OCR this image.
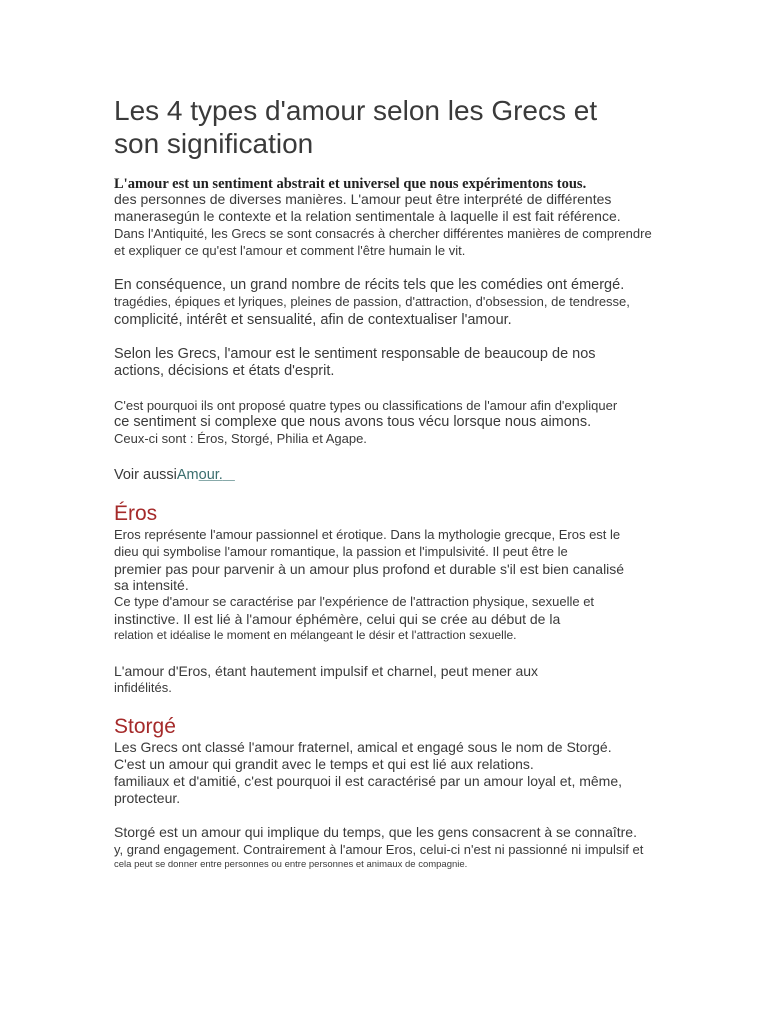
Les 4 types d'amour selon les Grecs et
son signification
L'amour est un sentiment abstrait et universel que nous expérimentons tous.
des personnes de diverses manières. L'amour peut être interprété de différentes
manerasegún le contexte et la relation sentimentale à laquelle il est fait référence.
Dans l'Antiquité, les Grecs se sont consacrés à chercher différentes manières de comprendre
et expliquer ce qu'est l'amour et comment l'être humain le vit.
En conséquence, un grand nombre de récits tels que les comédies ont émergé.
tragédies, épiques et lyriques, pleines de passion, d'attraction, d'obsession, de tendresse,
complicité, intérêt et sensualité, afin de contextualiser l'amour.
Selon les Grecs, l'amour est le sentiment responsable de beaucoup de nos
actions, décisions et états d'esprit.
C'est pourquoi ils ont proposé quatre types ou classifications de l'amour afin d'expliquer
ce sentiment si complexe que nous avons tous vécu lorsque nous aimons.
Ceux-ci sont : Éros, Storgé, Philia et Agape.
Voir aussiAmour.
Éros
Eros représente l'amour passionnel et érotique. Dans la mythologie grecque, Eros est le
dieu qui symbolise l'amour romantique, la passion et l'impulsivité. Il peut être le
premier pas pour parvenir à un amour plus profond et durable s'il est bien canalisé
sa intensité.
Ce type d'amour se caractérise par l'expérience de l'attraction physique, sexuelle et
instinctive. Il est lié à l'amour éphémère, celui qui se crée au début de la
relation et idéalise le moment en mélangeant le désir et l'attraction sexuelle.
L'amour d'Eros, étant hautement impulsif et charnel, peut mener aux
infidélités.
Storgé
Les Grecs ont classé l'amour fraternel, amical et engagé sous le nom de Storgé.
C'est un amour qui grandit avec le temps et qui est lié aux relations.
familiaux et d'amitié, c'est pourquoi il est caractérisé par un amour loyal et, même,
protecteur.
Storgé est un amour qui implique du temps, que les gens consacrent à se connaître.
y, grand engagement. Contrairement à l'amour Eros, celui-ci n'est ni passionné ni impulsif et
cela peut se donner entre personnes ou entre personnes et animaux de compagnie.
